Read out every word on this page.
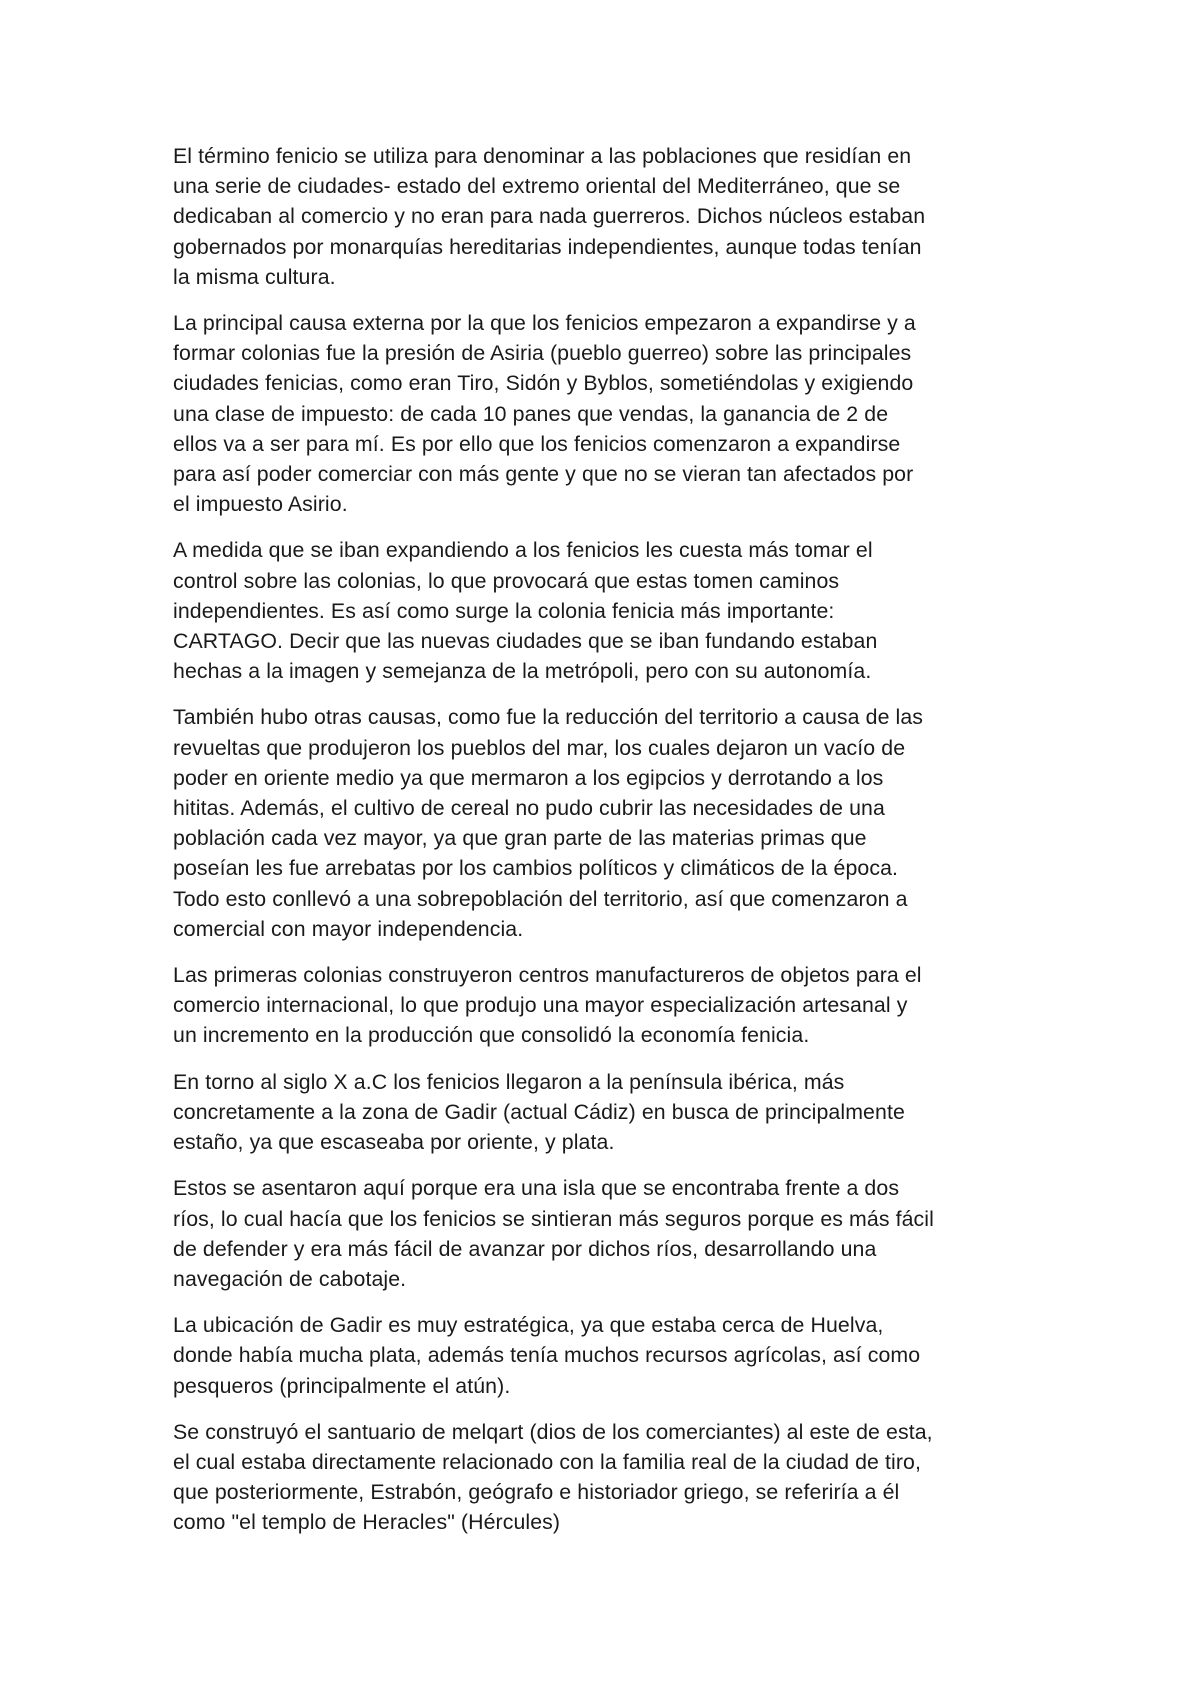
El término fenicio se utiliza para denominar a las poblaciones que residían en
una serie de ciudades- estado del extremo oriental del Mediterráneo, que se
dedicaban al comercio y no eran para nada guerreros. Dichos núcleos estaban
gobernados por monarquías hereditarias independientes, aunque todas tenían
la misma cultura.

La principal causa externa por la que los fenicios empezaron a expandirse y a
formar colonias fue la presión de Asiria (pueblo guerreo) sobre las principales
ciudades fenicias, como eran Tiro, Sidón y Byblos, sometiéndolas y exigiendo
una clase de impuesto: de cada 10 panes que vendas, la ganancia de 2 de
ellos va a ser para mí. Es por ello que los fenicios comenzaron a expandirse
para así poder comerciar con más gente y que no se vieran tan afectados por
el impuesto Asirio.

A medida que se iban expandiendo a los fenicios les cuesta más tomar el
control sobre las colonias, lo que provocará que estas tomen caminos
independientes. Es así como surge la colonia fenicia más importante:
CARTAGO. Decir que las nuevas ciudades que se iban fundando estaban
hechas a la imagen y semejanza de la metrópoli, pero con su autonomía.

También hubo otras causas, como fue la reducción del territorio a causa de las
revueltas que produjeron los pueblos del mar, los cuales dejaron un vacío de
poder en oriente medio ya que mermaron a los egipcios y derrotando a los
hititas. Además, el cultivo de cereal no pudo cubrir las necesidades de una
población cada vez mayor, ya que gran parte de las materias primas que
poseían les fue arrebatas por los cambios políticos y climáticos de la época.
Todo esto conllevó a una sobrepoblación del territorio, así que comenzaron a
comercial con mayor independencia.

Las primeras colonias construyeron centros manufactureros de objetos para el
comercio internacional, lo que produjo una mayor especialización artesanal y
un incremento en la producción que consolidó la economía fenicia.

En torno al siglo X a.C los fenicios llegaron a la península ibérica, más
concretamente a la zona de Gadir (actual Cádiz) en busca de principalmente
estaño, ya que escaseaba por oriente, y plata.

Estos se asentaron aquí porque era una isla que se encontraba frente a dos
ríos, lo cual hacía que los fenicios se sintieran más seguros porque es más fácil
de defender y era más fácil de avanzar por dichos ríos, desarrollando una
navegación de cabotaje.

La ubicación de Gadir es muy estratégica, ya que estaba cerca de Huelva,
donde había mucha plata, además tenía muchos recursos agrícolas, así como
pesqueros (principalmente el atún).

Se construyó el santuario de melqart (dios de los comerciantes) al este de esta,
el cual estaba directamente relacionado con la familia real de la ciudad de tiro,
que posteriormente, Estrabón, geógrafo e historiador griego, se referiría a él
como "el templo de Heracles" (Hércules)
